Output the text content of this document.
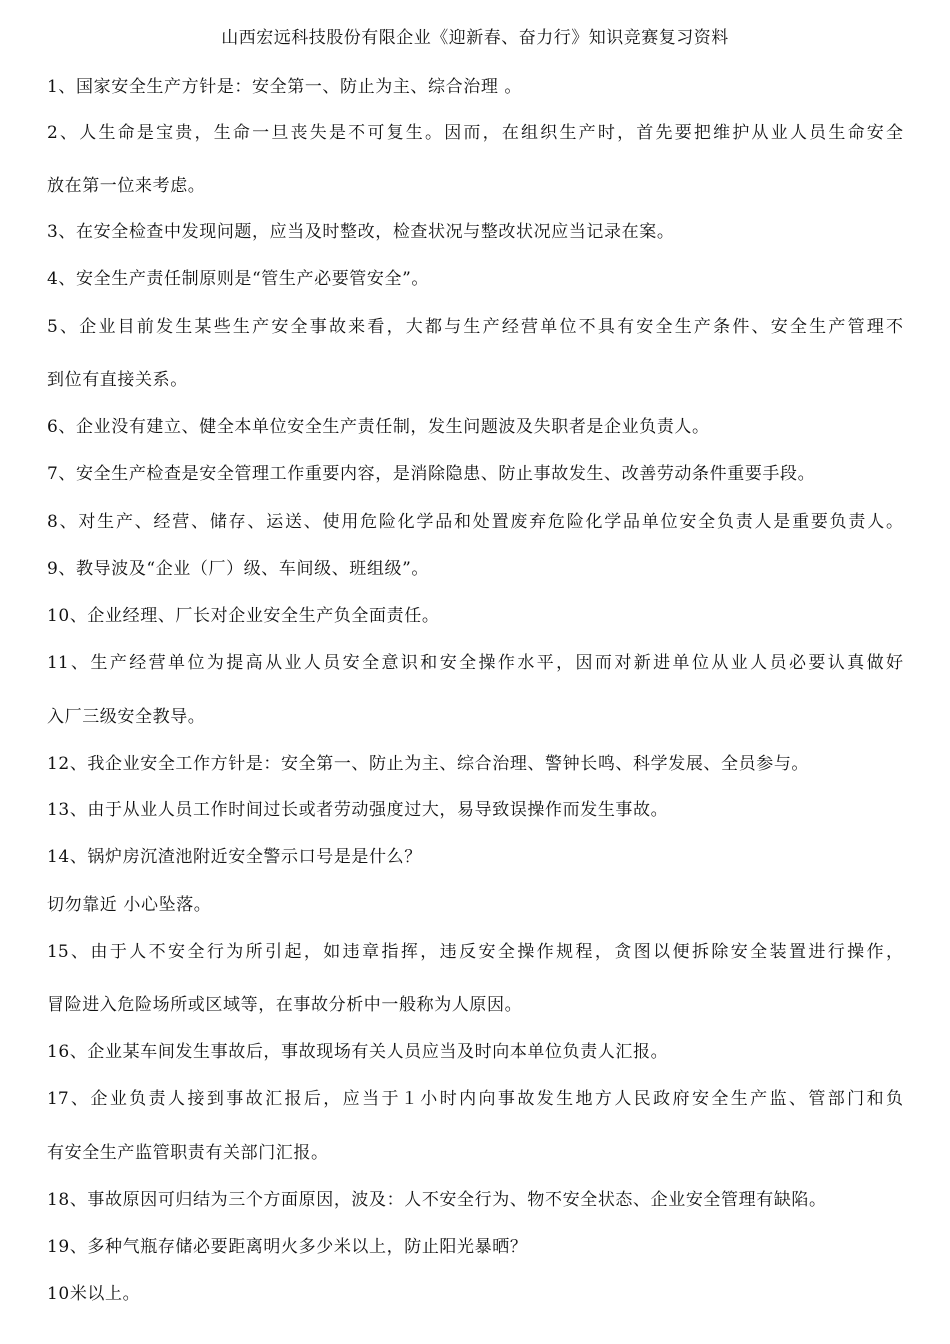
山西宏远科技股份有限企业《迎新春、奋力行》知识竞赛复习资料
1、国家安全生产方针是：安全第一、防止为主、综合治理 。
2、人生命是宝贵，生命一旦丧失是不可复生。因而，在组织生产时，首先要把维护从业人员生命安全
放在第一位来考虑。
3、在安全检查中发现问题，应当及时整改，检查状况与整改状况应当记录在案。
4、安全生产责任制原则是“管生产必要管安全”。
5、企业目前发生某些生产安全事故来看，大都与生产经营单位不具有安全生产条件、安全生产管理不
到位有直接关系。
6、企业没有建立、健全本单位安全生产责任制，发生问题波及失职者是企业负责人。
7、安全生产检查是安全管理工作重要内容，是消除隐患、防止事故发生、改善劳动条件重要手段。
8、对生产、经营、储存、运送、使用危险化学品和处置废弃危险化学品单位安全负责人是重要负责人。
9、教导波及“企业（厂）级、车间级、班组级”。
10、企业经理、厂长对企业安全生产负全面责任。
11、生产经营单位为提高从业人员安全意识和安全操作水平，因而对新进单位从业人员必要认真做好
入厂三级安全教导。
12、我企业安全工作方针是：安全第一、防止为主、综合治理、警钟长鸣、科学发展、全员参与。
13、由于从业人员工作时间过长或者劳动强度过大，易导致误操作而发生事故。
14、锅炉房沉渣池附近安全警示口号是是什么？
切勿靠近 小心坠落。
15、由于人不安全行为所引起，如违章指挥，违反安全操作规程，贪图以便拆除安全装置进行操作，
冒险进入危险场所或区域等，在事故分析中一般称为人原因。
16、企业某车间发生事故后，事故现场有关人员应当及时向本单位负责人汇报。
17、企业负责人接到事故汇报后，应当于１小时内向事故发生地方人民政府安全生产监、管部门和负
有安全生产监管职责有关部门汇报。
18、事故原因可归结为三个方面原因，波及：人不安全行为、物不安全状态、企业安全管理有缺陷。
19、多种气瓶存储必要距离明火多少米以上，防止阳光暴晒？
10米以上。
